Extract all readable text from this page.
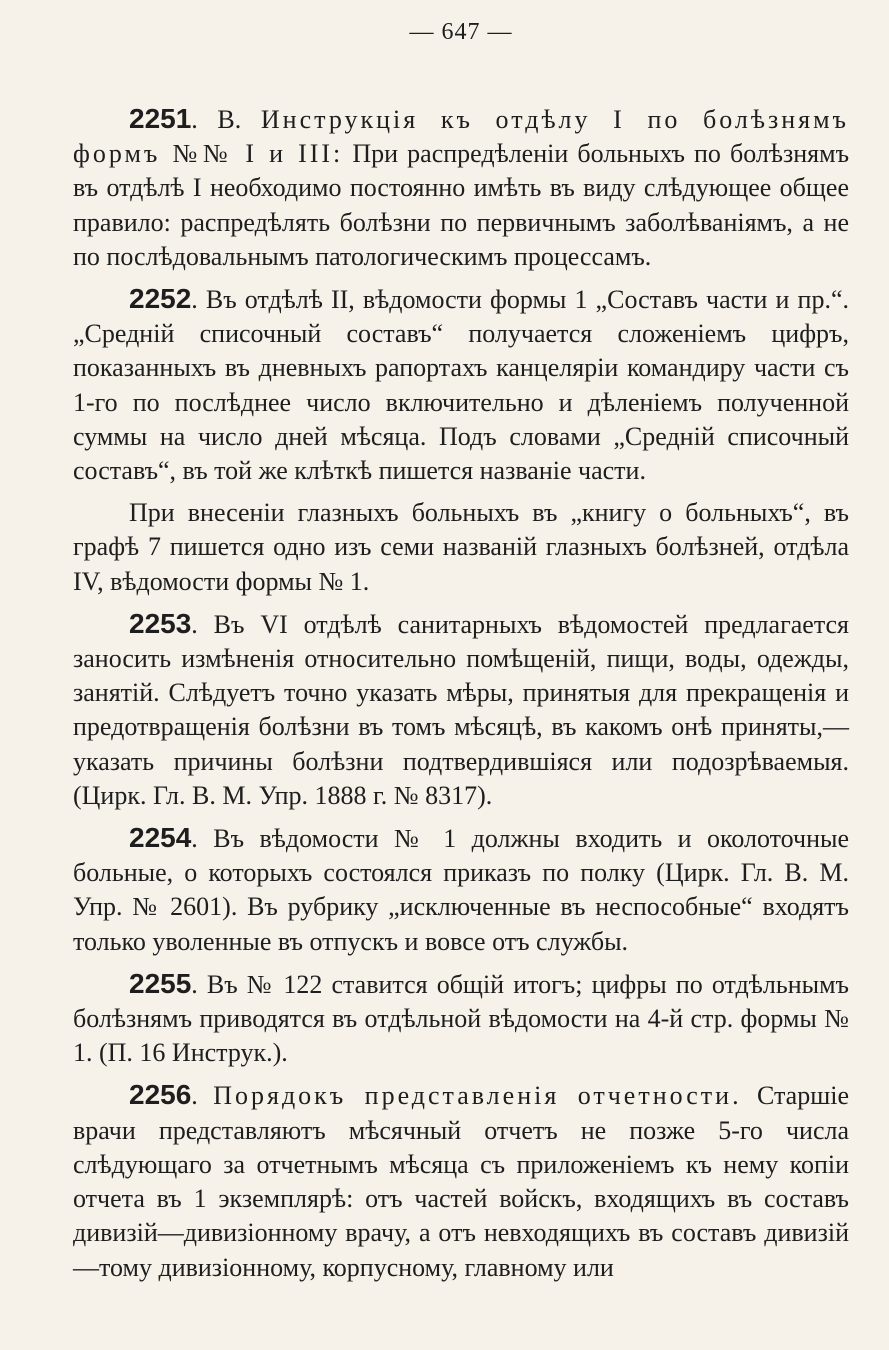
— 647 —

2251. В. Инструкція къ отдѣлу I по болѣзнямъ формъ №№ I и III: При распредѣленіи больныхъ по болѣзнямъ въ отдѣлѣ I необходимо постоянно имѣть въ виду слѣдующее общее правило: распредѣлять болѣзни по первичнымъ заболѣваніямъ, а не по послѣдовальнымъ патологическимъ процессамъ.

2252. Въ отдѣлѣ II, вѣдомости формы 1 „Составъ части и пр.“. „Среднiй списочный составъ“ получается сложенiемъ цифръ, показанныхъ въ дневныхъ рапортахъ канцеляріи командиру части съ 1-го по послѣднее число включительно и дѣленіемъ полученной суммы на число дней мѣсяца. Подъ словами „Среднiй списочный составъ“, въ той же клѣткѣ пишется названіе части.

При внесеніи глазныхъ больныхъ въ „книгу о больныхъ“, въ графѣ 7 пишется одно изъ семи названій глазныхъ болѣзней, отдѣла IV, вѣдомости формы № 1.

2253. Въ VI отдѣлѣ санитарныхъ вѣдомостей предлагается заносить измѣненія относительно помѣщеній, пищи, воды, одежды, занятій. Слѣдуетъ точно указать мѣры, принятыя для прекращенія и предотвращенія болѣзни въ томъ мѣсяцѣ, въ какомъ онѣ приняты,—указать причины болѣзни подтвердившіяся или подозрѣваемыя. (Цирк. Гл. В. М. Упр. 1888 г. № 8317).

2254. Въ вѣдомости № 1 должны входить и околоточные больные, о которыхъ состоялся приказъ по полку (Цирк. Гл. В. М. Упр. № 2601). Въ рубрику „исключенные въ неспособные“ входятъ только уволенные въ отпускъ и вовсе отъ службы.

2255. Въ № 122 ставится общій итогъ; цифры по отдѣльнымъ болѣзнямъ приводятся въ отдѣльной вѣдомости на 4-й стр. формы № 1. (П. 16 Инструк.).

2256. Порядокъ представленія отчетности. Старшіе врачи представляютъ мѣсячный отчетъ не позже 5-го числа слѣдующаго за отчетнымъ мѣсяца съ приложеніемъ къ нему копіи отчета въ 1 экземплярѣ: отъ частей войскъ, входящихъ въ составъ дивизій—дивизіонному врачу, а отъ невходящихъ въ составъ дивизій—тому дивизіонному, корпусному, главному или
